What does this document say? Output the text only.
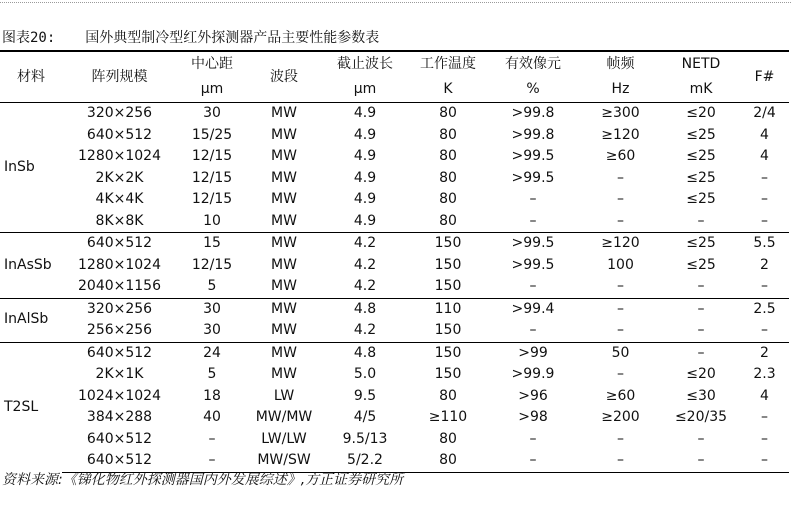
图表20: 国外典型制冷型红外探测器产品主要性能参数表
材料	阵列规模	中心距	波段	截止波长	工作温度	有效像元	帧频	NETD	F#
		μm		μm	K	%	Hz	mK	
InSb	320×256	30	MW	4.9	80	>99.8	≥300	≤20	2/4
	640×512	15/25	MW	4.9	80	>99.8	≥120	≤25	4
	1280×1024	12/15	MW	4.9	80	>99.5	≥60	≤25	4
	2K×2K	12/15	MW	4.9	80	>99.5	–	≤25	–
	4K×4K	12/15	MW	4.9	80	–	–	≤25	–
	8K×8K	10	MW	4.9	80	–	–	–	–
InAsSb	640×512	15	MW	4.2	150	>99.5	≥120	≤25	5.5
	1280×1024	12/15	MW	4.2	150	>99.5	100	≤25	2
	2040×1156	5	MW	4.2	150	–	–	–	–
InAlSb	320×256	30	MW	4.8	110	>99.4	–	–	2.5
	256×256	30	MW	4.2	150	–	–	–	–
T2SL	640×512	24	MW	4.8	150	>99	50	–	2
	2K×1K	5	MW	5.0	150	>99.9	–	≤20	2.3
	1024×1024	18	LW	9.5	80	>96	≥60	≤30	4
	384×288	40	MW/MW	4/5	≥110	>98	≥200	≤20/35	–
	640×512	–	LW/LW	9.5/13	80	–	–	–	–
	640×512	–	MW/SW	5/2.2	80	–	–	–	–
资料来源:《锑化物红外探测器国内外发展综述》,方正证券研究所
